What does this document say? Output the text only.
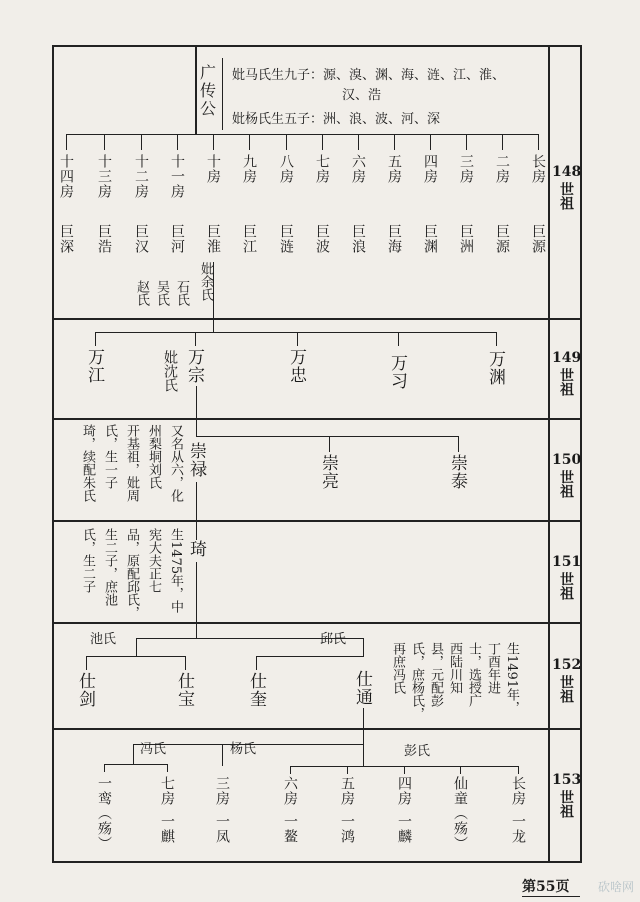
148
世祖
149
世祖
150
世祖
151
世祖
152
世祖
153
世祖
广传公
妣马氏生九子：源、溴、渊、海、涟、江、淮、
汉、浩
妣杨氏生五子：洲、浪、波、河、深
十四房
巨深
十三房
巨浩
十二房
巨汉
十一房
巨河
十房
巨淮
九房
巨江
八房
巨涟
七房
巨波
六房
巨浪
五房
巨海
四房
巨渊
三房
巨洲
二房
巨源
长房
巨源
妣余氏
石氏
吴氏
赵氏
万江	万宗	万忠	万习	万渊
妣沈氏
崇禄	崇亮	崇泰
又名从六，化
州梨垌刘氏
开基祖，妣周
氏，生一子
琦，续配朱氏
琦
生1475年，中
宪大夫正七
品，原配邱氏，
生二子，庶池
氏，生二子
池氏	邱氏
仕剑	仕宝	仕奎	仕通	生1491年，
丁酉年进
士，选授广
西陆川知
县，元配彭
氏，庶杨氏，
再庶冯氏
冯氏	杨氏	彭氏
一鸾（殇）	七房一麒
三房一凤
六房一鳌
五房一鸿
四房一麟	仙童（殇）	长房一龙
第55页 砍啥网
